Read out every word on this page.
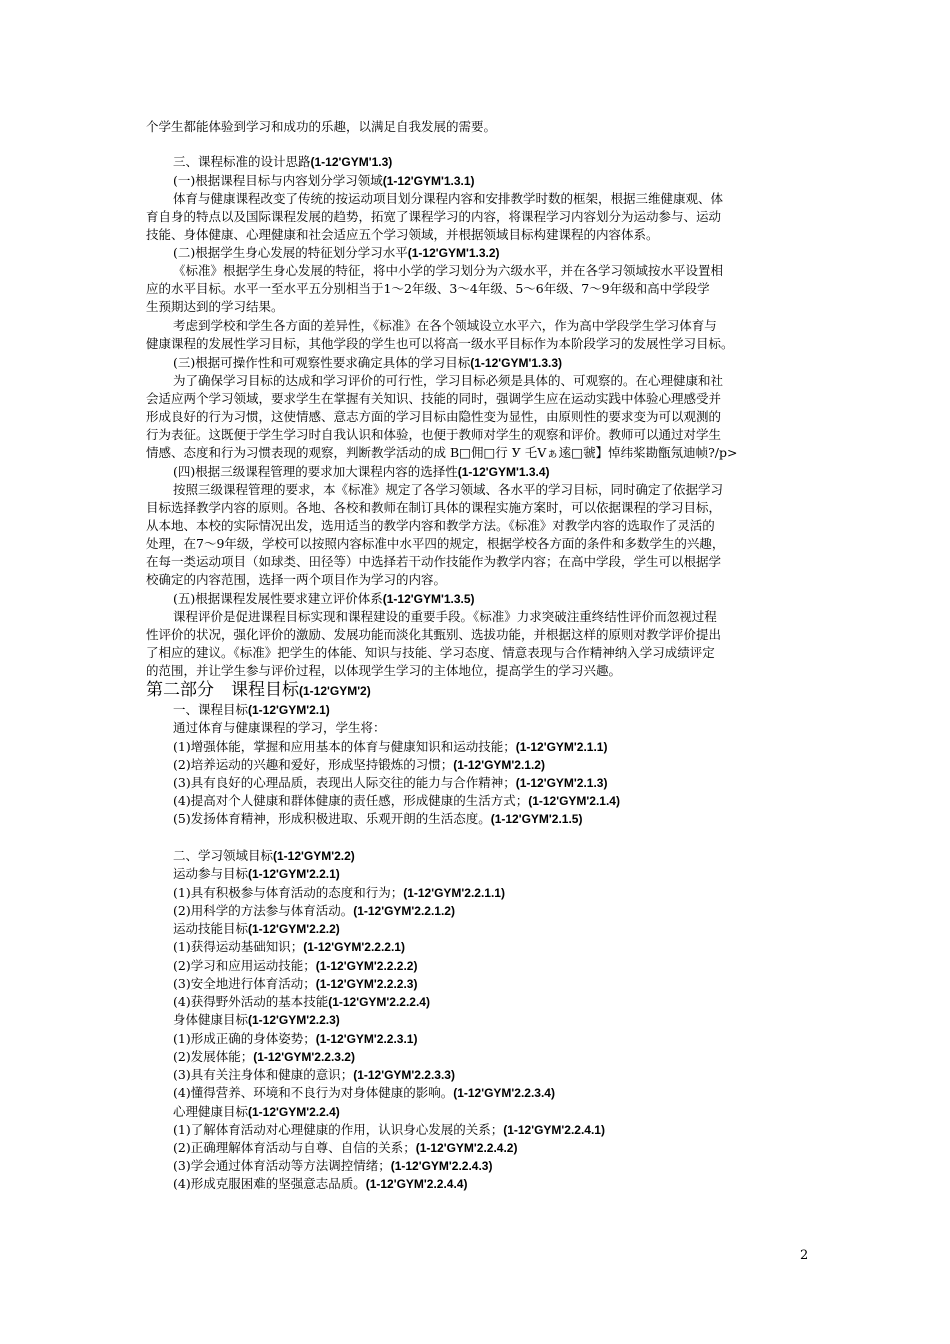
个学生都能体验到学习和成功的乐趣，以满足自我发展的需要。
三、课程标准的设计思路(1-12'GYM'1.3)
(一)根据课程目标与内容划分学习领域(1-12'GYM'1.3.1)
体育与健康课程改变了传统的按运动项目划分课程内容和安排教学时数的框架，根据三维健康观、体
育自身的特点以及国际课程发展的趋势，拓宽了课程学习的内容，将课程学习内容划分为运动参与、运动
技能、身体健康、心理健康和社会适应五个学习领域，并根据领域目标构建课程的内容体系。
(二)根据学生身心发展的特征划分学习水平(1-12'GYM'1.3.2)
《标准》根据学生身心发展的特征，将中小学的学习划分为六级水平，并在各学习领域按水平设置相
应的水平目标。水平一至水平五分别相当于1～2年级、3～4年级、5～6年级、7～9年级和高中学段学
生预期达到的学习结果。
考虑到学校和学生各方面的差异性，《标准》在各个领域设立水平六，作为高中学段学生学习体育与
健康课程的发展性学习目标，其他学段的学生也可以将高一级水平目标作为本阶段学习的发展性学习目标。
(三)根据可操作性和可观察性要求确定具体的学习目标(1-12'GYM'1.3.3)
为了确保学习目标的达成和学习评价的可行性，学习目标必须是具体的、可观察的。在心理健康和社
会适应两个学习领域，要求学生在掌握有关知识、技能的同时，强调学生应在运动实践中体验心理感受并
形成良好的行为习惯，这使情感、意志方面的学习目标由隐性变为显性，由原则性的要求变为可以观测的
行为表征。这既便于学生学习时自我认识和体验，也便于教师对学生的观察和评价。教师可以通过对学生
情感、态度和行为习惯表现的观察，判断教学活动的成 B□佣□行 У 乇Ⅴぁ逺□虢】悼纬桨勘甑氖迪帧?/p>
(四)根据三级课程管理的要求加大课程内容的选择性(1-12'GYM'1.3.4)
按照三级课程管理的要求，本《标准》规定了各学习领域、各水平的学习目标，同时确定了依据学习
目标选择教学内容的原则。各地、各校和教师在制订具体的课程实施方案时，可以依据课程的学习目标，
从本地、本校的实际情况出发，选用适当的教学内容和教学方法。《标准》对教学内容的选取作了灵活的
处理，在7～9年级，学校可以按照内容标准中水平四的规定，根据学校各方面的条件和多数学生的兴趣，
在每一类运动项目（如球类、田径等）中选择若干动作技能作为教学内容；在高中学段，学生可以根据学
校确定的内容范围，选择一两个项目作为学习的内容。
(五)根据课程发展性要求建立评价体系(1-12'GYM'1.3.5)
课程评价是促进课程目标实现和课程建设的重要手段。《标准》力求突破注重终结性评价而忽视过程
性评价的状况，强化评价的激励、发展功能而淡化其甄别、选拔功能，并根据这样的原则对教学评价提出
了相应的建议。《标准》把学生的体能、知识与技能、学习态度、情意表现与合作精神纳入学习成绩评定
的范围，并让学生参与评价过程，以体现学生学习的主体地位，提高学生的学习兴趣。
第二部分　课程目标(1-12'GYM'2)
一、课程目标(1-12'GYM'2.1)
通过体育与健康课程的学习，学生将：
(1)增强体能，掌握和应用基本的体育与健康知识和运动技能；(1-12'GYM'2.1.1)
(2)培养运动的兴趣和爱好，形成坚持锻炼的习惯；(1-12'GYM'2.1.2)
(3)具有良好的心理品质，表现出人际交往的能力与合作精神；(1-12'GYM'2.1.3)
(4)提高对个人健康和群体健康的责任感，形成健康的生活方式；(1-12'GYM'2.1.4)
(5)发扬体育精神，形成积极进取、乐观开朗的生活态度。(1-12'GYM'2.1.5)
二、学习领域目标(1-12'GYM'2.2)
运动参与目标(1-12'GYM'2.2.1)
(1)具有积极参与体育活动的态度和行为；(1-12'GYM'2.2.1.1)
(2)用科学的方法参与体育活动。(1-12'GYM'2.2.1.2)
运动技能目标(1-12'GYM'2.2.2)
(1)获得运动基础知识；(1-12'GYM'2.2.2.1)
(2)学习和应用运动技能；(1-12'GYM'2.2.2.2)
(3)安全地进行体育活动；(1-12'GYM'2.2.2.3)
(4)获得野外活动的基本技能(1-12'GYM'2.2.2.4)
身体健康目标(1-12'GYM'2.2.3)
(1)形成正确的身体姿势；(1-12'GYM'2.2.3.1)
(2)发展体能；(1-12'GYM'2.2.3.2)
(3)具有关注身体和健康的意识；(1-12'GYM'2.2.3.3)
(4)懂得营养、环境和不良行为对身体健康的影响。(1-12'GYM'2.2.3.4)
心理健康目标(1-12'GYM'2.2.4)
(1)了解体育活动对心理健康的作用，认识身心发展的关系；(1-12'GYM'2.2.4.1)
(2)正确理解体育活动与自尊、自信的关系；(1-12'GYM'2.2.4.2)
(3)学会通过体育活动等方法调控情绪；(1-12'GYM'2.2.4.3)
(4)形成克服困难的坚强意志品质。(1-12'GYM'2.2.4.4)
2
